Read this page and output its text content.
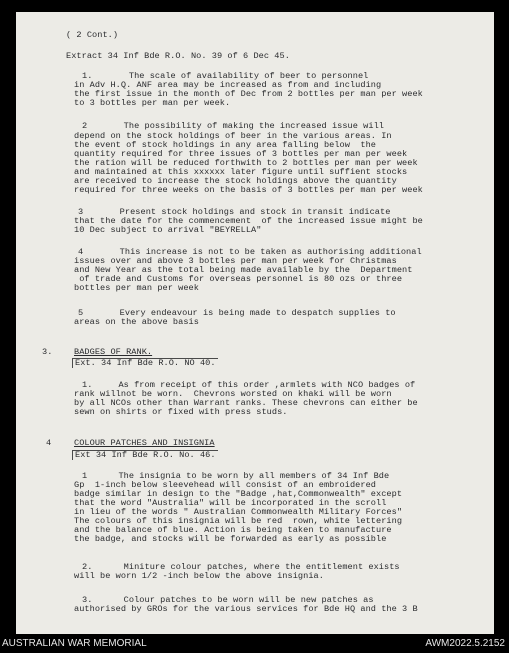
( 2 Cont.)
Extract 34 Inf Bde R.O. No. 39 of 6 Dec 45.
1.       The scale of availability of beer to personnel
in Adv H.Q. ANF area may be increased as from and including
the first issue in the month of Dec from 2 bottles per man per week
to 3 bottles per man per week.
2       The possibility of making the increased issue will
depend on the stock holdings of beer in the various areas. In
the event of stock holdings in any area falling below  the
quantity required for three issues of 3 bottles per man per week
the ration will be reduced forthwith to 2 bottles per man per week
and maintained at this xxxxxx later figure until suffient stocks
are received to increase the stock holdings above the quantity
required for three weeks on the basis of 3 bottles per man per week
3       Present stock holdings and stock in transit indicate
that the date for the commencement  of the increased issue might be
10 Dec subject to arrival "BEYRELLA"
4       This increase is not to be taken as authorising additional
issues over and above 3 bottles per man per week for Christmas
and New Year as the total being made available by the  Department
of trade and Customs for overseas personnel is 80 ozs or three
bottles per man per week
5       Every endeavour is being made to despatch supplies to
areas on the above basis
3.	BADGES OF RANK.
Ext. 34 Inf Bde R.O. NO 40.
1.     As from receipt of this order ,armlets with NCO badges of
rank willnot be worn.  Chevrons worsted on khaki will be worn
by all NCOs other than Warrant ranks. These chevrons can either be
sewn on shirts or fixed with press studs.
4	COLOUR PATCHES AND INSIGNIA
Ext 34 Inf Bde R.O. No. 46.
1      The insignia to be worn by all members of 34 Inf Bde
Gp  1-inch below sleevehead will consist of an embroidered
badge similar in design to the "Badge ,hat,Commonwealth" except
that the word "Australia" will be incorporated in the scroll
in lieu of the words " Australian Commonwealth Military Forces"
The colours of this insignia will be red  rown, white lettering
and the balance of blue. Action is being taken to manufacture
the badge, and stocks will be forwarded as early as possible
2.      Miniture colour patches, where the entitlement exists
will be worn 1/2 -inch below the above insignia.
3.      Colour patches to be worn will be new patches as
authorised by GROs for the various services for Bde HQ and the 3 B
AUSTRALIAN WAR MEMORIAL	AWM2022.5.2152
